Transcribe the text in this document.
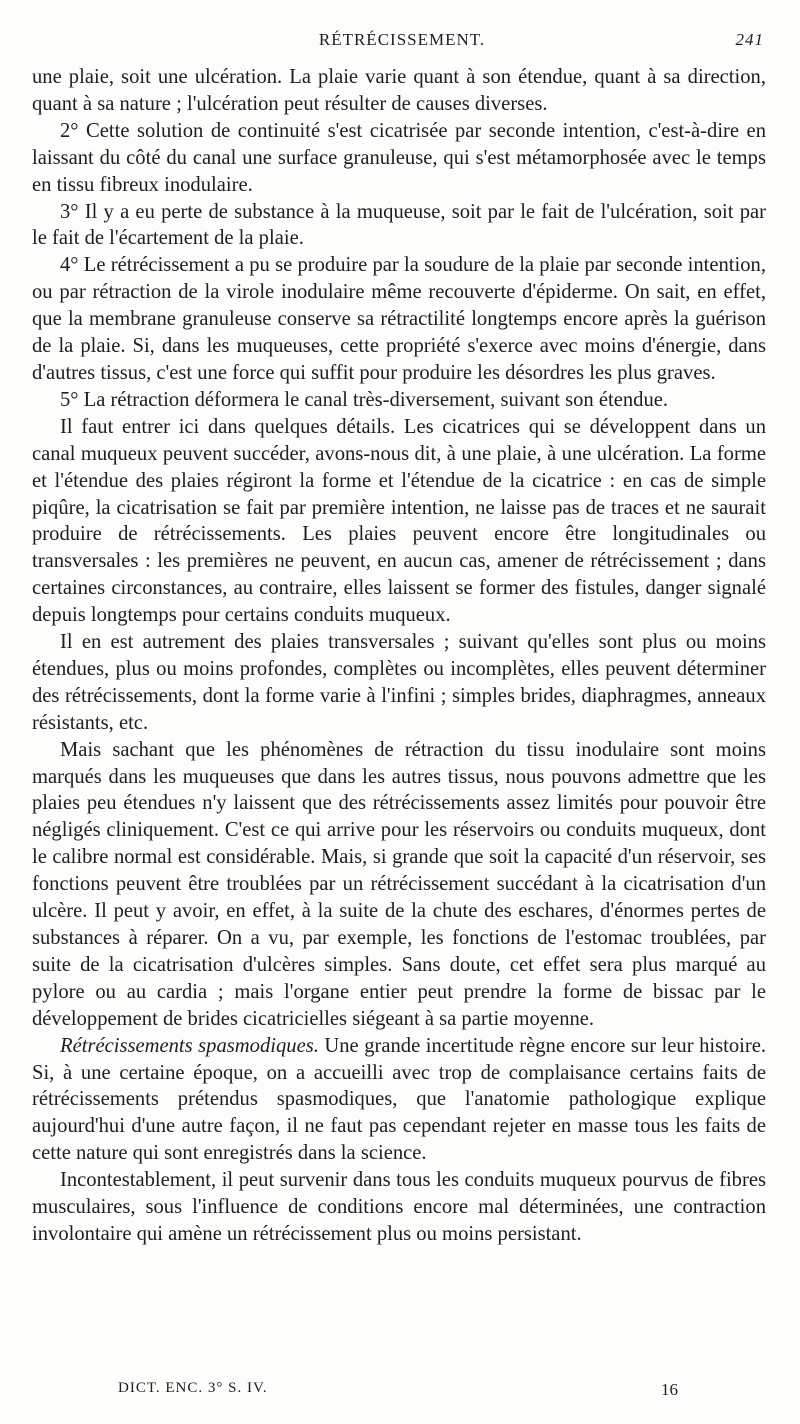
RÉTRÉCISSEMENT.	241

une plaie, soit une ulcération. La plaie varie quant à son étendue, quant à sa direction, quant à sa nature ; l'ulcération peut résulter de causes diverses.

2° Cette solution de continuité s'est cicatrisée par seconde intention, c'est-à-dire en laissant du côté du canal une surface granuleuse, qui s'est métamorphosée avec le temps en tissu fibreux inodulaire.

3° Il y a eu perte de substance à la muqueuse, soit par le fait de l'ulcération, soit par le fait de l'écartement de la plaie.

4° Le rétrécissement a pu se produire par la soudure de la plaie par seconde intention, ou par rétraction de la virole inodulaire même recouverte d'épiderme. On sait, en effet, que la membrane granuleuse conserve sa rétractilité longtemps encore après la guérison de la plaie. Si, dans les muqueuses, cette propriété s'exerce avec moins d'énergie, dans d'autres tissus, c'est une force qui suffit pour produire les désordres les plus graves.

5° La rétraction déformera le canal très-diversement, suivant son étendue.

Il faut entrer ici dans quelques détails. Les cicatrices qui se développent dans un canal muqueux peuvent succéder, avons-nous dit, à une plaie, à une ulcération. La forme et l'étendue des plaies régiront la forme et l'étendue de la cicatrice : en cas de simple piqûre, la cicatrisation se fait par première intention, ne laisse pas de traces et ne saurait produire de rétrécissements. Les plaies peuvent encore être longitudinales ou transversales : les premières ne peuvent, en aucun cas, amener de rétrécissement ; dans certaines circonstances, au contraire, elles laissent se former des fistules, danger signalé depuis longtemps pour certains conduits muqueux.

Il en est autrement des plaies transversales ; suivant qu'elles sont plus ou moins étendues, plus ou moins profondes, complètes ou incomplètes, elles peuvent déterminer des rétrécissements, dont la forme varie à l'infini ; simples brides, diaphragmes, anneaux résistants, etc.

Mais sachant que les phénomènes de rétraction du tissu inodulaire sont moins marqués dans les muqueuses que dans les autres tissus, nous pouvons admettre que les plaies peu étendues n'y laissent que des rétrécissements assez limités pour pouvoir être négligés cliniquement. C'est ce qui arrive pour les réservoirs ou conduits muqueux, dont le calibre normal est considérable. Mais, si grande que soit la capacité d'un réservoir, ses fonctions peuvent être troublées par un rétrécissement succédant à la cicatrisation d'un ulcère. Il peut y avoir, en effet, à la suite de la chute des eschares, d'énormes pertes de substances à réparer. On a vu, par exemple, les fonctions de l'estomac troublées, par suite de la cicatrisation d'ulcères simples. Sans doute, cet effet sera plus marqué au pylore ou au cardia ; mais l'organe entier peut prendre la forme de bissac par le développement de brides cicatricielles siégeant à sa partie moyenne.

Rétrécissements spasmodiques. Une grande incertitude règne encore sur leur histoire. Si, à une certaine époque, on a accueilli avec trop de complaisance certains faits de rétrécissements prétendus spasmodiques, que l'anatomie pathologique explique aujourd'hui d'une autre façon, il ne faut pas cependant rejeter en masse tous les faits de cette nature qui sont enregistrés dans la science.

Incontestablement, il peut survenir dans tous les conduits muqueux pourvus de fibres musculaires, sous l'influence de conditions encore mal déterminées, une contraction involontaire qui amène un rétrécissement plus ou moins persistant.

DICT. ENC. 3° S. IV.	16
